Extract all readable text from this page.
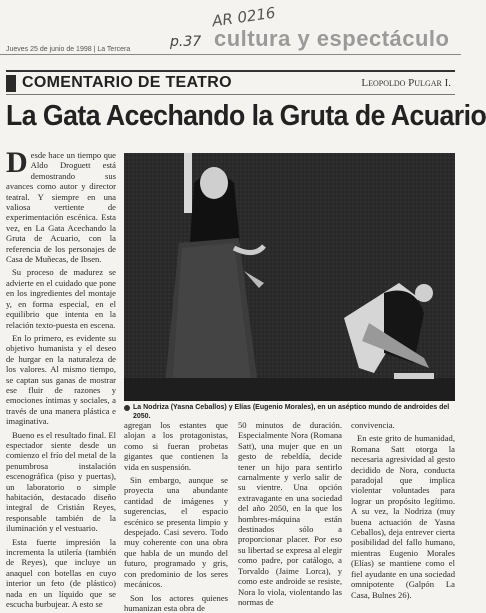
Jueves 25 de junio de 1998 | La Tercera
AR 0216
p.37 cultura y espectáculo
COMENTARIO DE TEATRO	Leopoldo Pulgar I.
La Gata Acechando la Gruta de Acuario

Desde hace un tiempo que Aldo Droguett está demostrando sus avances como autor y director teatral. Y siempre en una valiosa vertiente de experimentación escénica. Esta vez, en La Gata Acechando la Gruta de Acuario, con la referencia de los personajes de Casa de Muñecas, de Ibsen.

Su proceso de madurez se advierte en el cuidado que pone en los ingredientes del montaje y, en forma especial, en el equilibrio que intenta en la relación texto-puesta en escena.

En lo primero, es evidente su objetivo humanista y el deseo de hurgar en la naturaleza de los valores. Al mismo tiempo, se captan sus ganas de mostrar ese fluir de razones y emociones íntimas y sociales, a través de una manera plástica e imaginativa.

Bueno es el resultado final. El espectador siente desde un comienzo el frío del metal de la penumbrosa instalación escenográfica (piso y puertas), un laboratorio o simple habitación, destacado diseño integral de Cristián Reyes, responsable también de la iluminación y el vestuario.

Esta fuerte impresión la incrementa la utilería (también de Reyes), que incluye un anaquel con botellas en cuyo interior un feto (de plástico) nada en un líquido que se escucha burbujear. A esto se

La Nodriza (Yasna Ceballos) y Elías (Eugenio Morales), en un aséptico mundo de androides del 2050.

agregan los estantes que alojan a los protagonistas, como si fueran probetas gigantes que contienen la vida en suspensión.

Sin embargo, aunque se proyecta una abundante cantidad de imágenes y sugerencias, el espacio escénico se presenta limpio y despejado. Casi severo. Todo muy coherente con una obra que habla de un mundo del futuro, programado y gris, con predominio de los seres mecánicos.

Son los actores quienes humanizan esta obra de

50 minutos de duración. Especialmente Nora (Romana Satt), una mujer que en un gesto de rebeldía, decide tener un hijo para sentirlo carnalmente y verlo salir de su vientre. Una opción extravagante en una sociedad del año 2050, en la que los hombres-máquina están destinados sólo a proporcionar placer. Por eso su libertad se expresa al elegir como padre, por catálogo, a Torvaldo (Jaime Lorca), y como este androide se resiste, Nora lo viola, violentando las normas de

convivencia.

En este grito de humanidad, Romana Satt otorga la necesaria agresividad al gesto decidido de Nora, conducta paradojal que implica violentar voluntades para lograr un propósito legítimo. A su vez, la Nodriza (muy buena actuación de Yasna Ceballos), deja entrever cierta posibilidad del fallo humano, mientras Eugenio Morales (Elías) se mantiene como el fiel ayudante en una sociedad omnipotente (Galpón La Casa, Bulnes 26).
